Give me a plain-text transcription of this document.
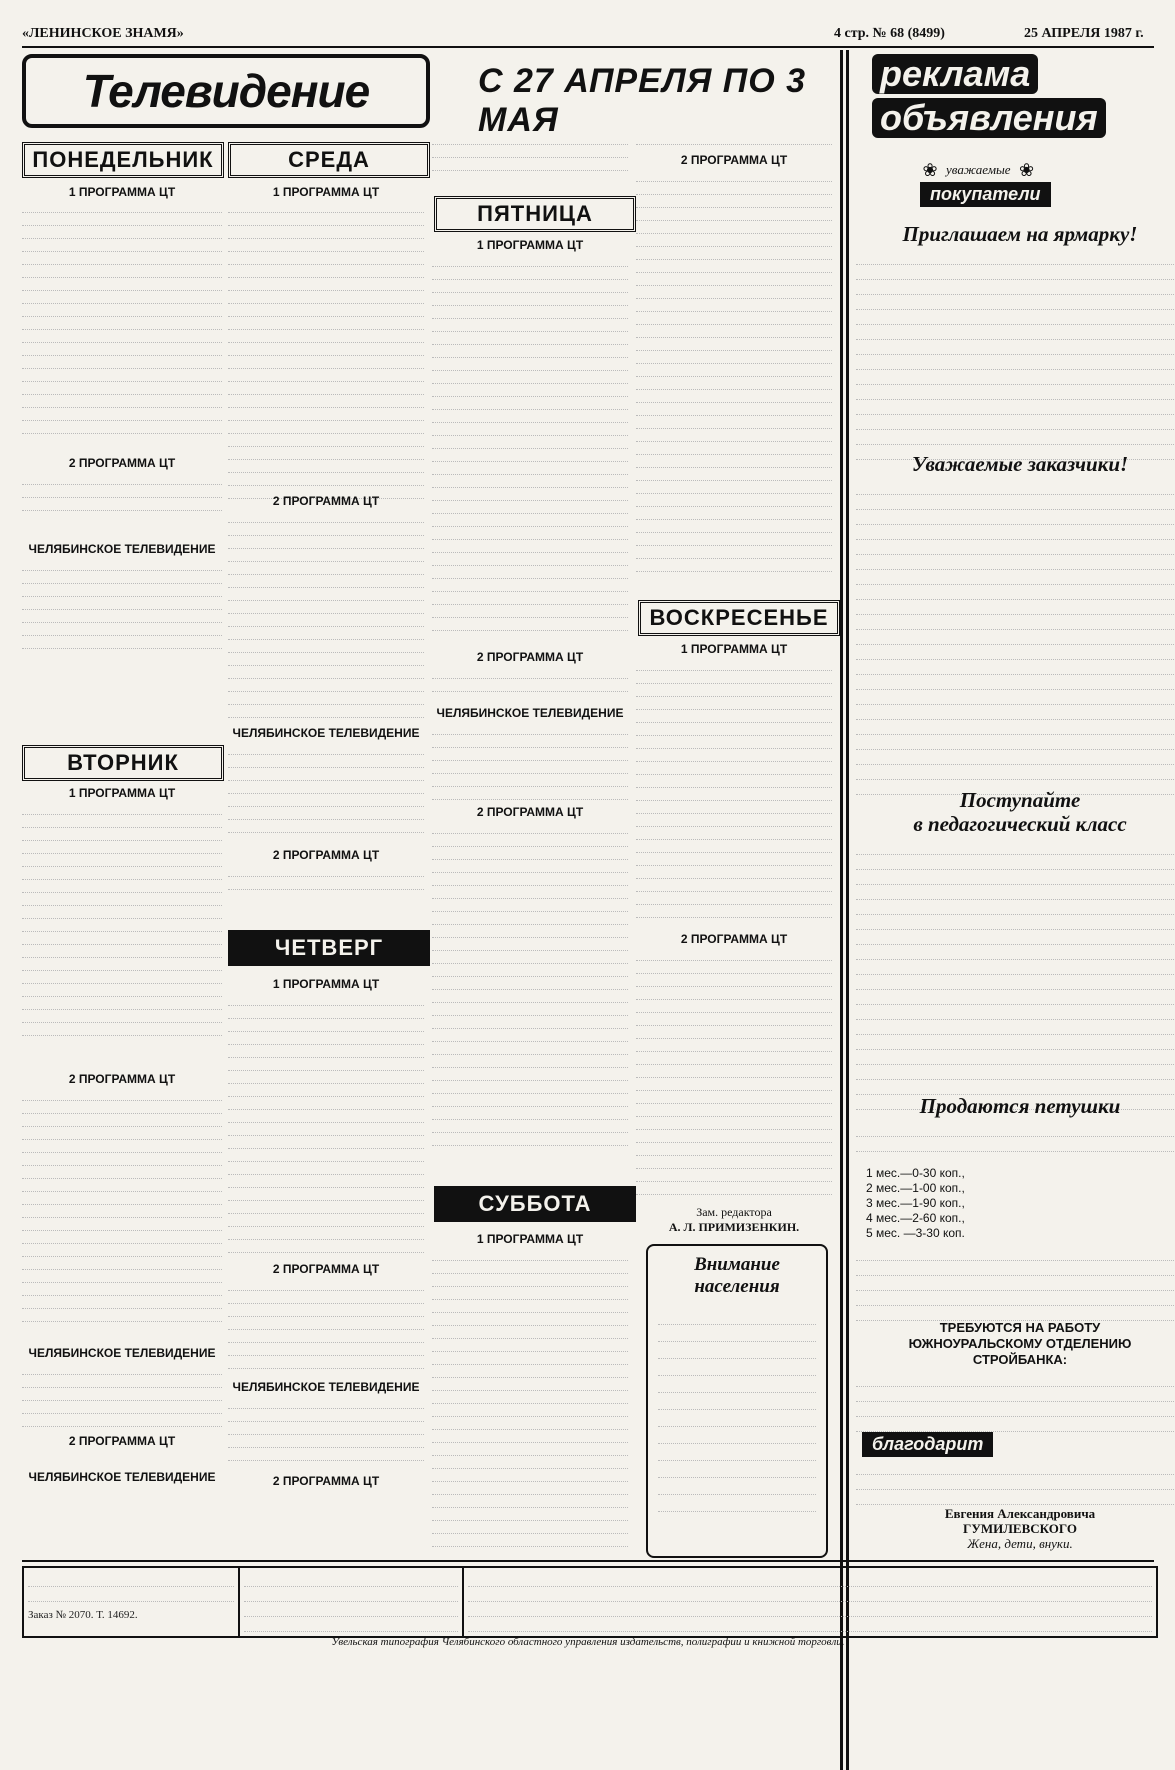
«ЛЕНИНСКОЕ ЗНАМЯ»	4 стр. № 68 (8499)	25 АПРЕЛЯ 1987 г.
Телевидение	С 27 АПРЕЛЯ ПО 3 МАЯ
ПОНЕДЕЛЬНИК
1 ПРОГРАММА ЦТ
2 ПРОГРАММА ЦТ
ЧЕЛЯБИНСКОЕ ТЕЛЕВИДЕНИЕ
ВТОРНИК
1 ПРОГРАММА ЦТ
2 ПРОГРАММА ЦТ
ЧЕЛЯБИНСКОЕ ТЕЛЕВИДЕНИЕ
2 ПРОГРАММА ЦТ
ЧЕЛЯБИНСКОЕ ТЕЛЕВИДЕНИЕ
СРЕДА
1 ПРОГРАММА ЦТ
2 ПРОГРАММА ЦТ
ЧЕЛЯБИНСКОЕ ТЕЛЕВИДЕНИЕ
2 ПРОГРАММА ЦТ
ЧЕТВЕРГ
1 ПРОГРАММА ЦТ
2 ПРОГРАММА ЦТ
ЧЕЛЯБИНСКОЕ ТЕЛЕВИДЕНИЕ
2 ПРОГРАММА ЦТ
ПЯТНИЦА
1 ПРОГРАММА ЦТ
2 ПРОГРАММА ЦТ
ЧЕЛЯБИНСКОЕ ТЕЛЕВИДЕНИЕ
2 ПРОГРАММА ЦТ
СУББОТА
1 ПРОГРАММА ЦТ
2 ПРОГРАММА ЦТ
ВОСКРЕСЕНЬЕ
1 ПРОГРАММА ЦТ
2 ПРОГРАММА ЦТ
Зам. редактора
А. Л. ПРИМИЗЕНКИН.
Внимание
населения
реклама
объявления
❀ уважаемые ❀
покупатели
Приглашаем на ярмарку!
Уважаемые заказчики!
Поступайте
в педагогический класс
Продаются петушки
1 мес.—0-30 коп.,
2 мес.—1-00 коп.,
3 мес.—1-90 коп.,
4 мес.—2-60 коп.,
5 мес. —3-30 коп.
ТРЕБУЮТСЯ НА РАБОТУ
ЮЖНОУРАЛЬСКОМУ ОТДЕЛЕНИЮ
СТРОЙБАНКА:
благодарит
Евгения Александровича
ГУМИЛЕВСКОГО
Жена, дети, внуки.
Заказ № 2070. Т. 14692.
Увельская типография Челябинского областного управления издательств, полиграфии и книжной торговли.
